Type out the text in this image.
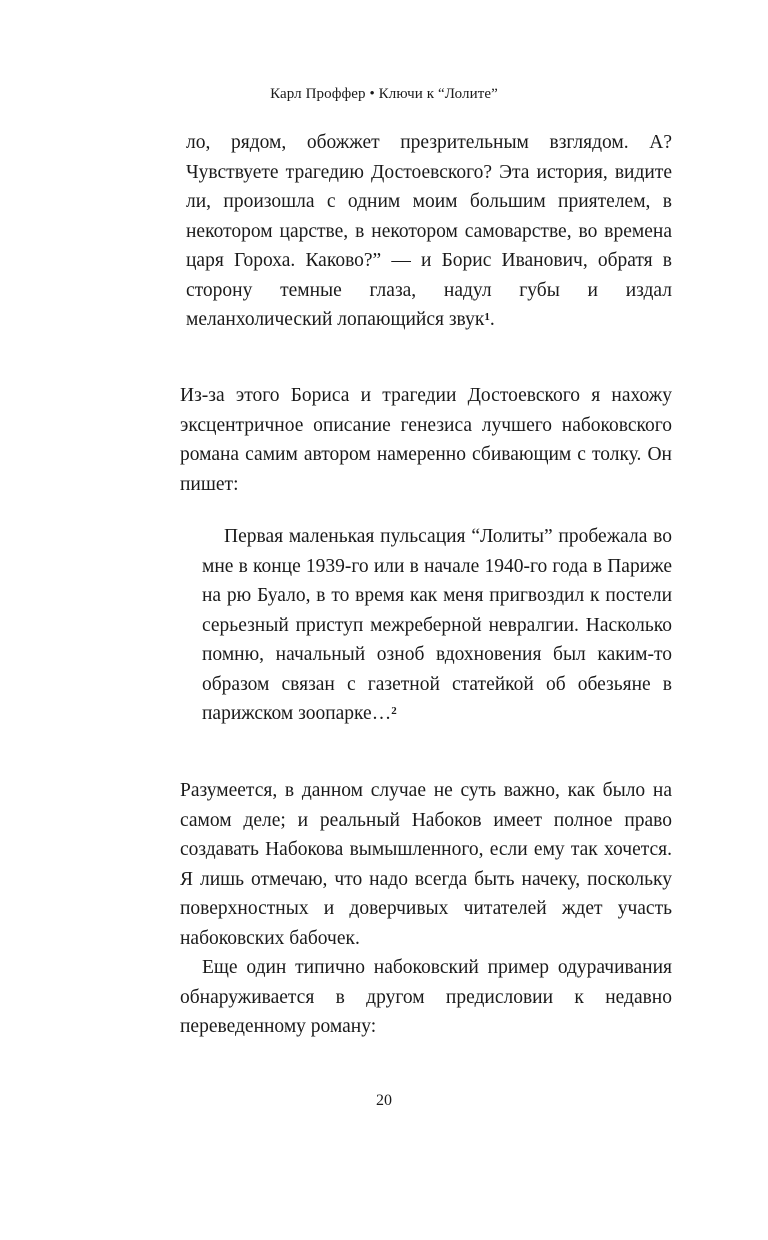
Карл Проффер • Ключи к “Лолите”

ло, рядом, обожжет презрительным взглядом. А? Чувствуете трагедию Достоевского? Эта история, видите ли, произошла с одним моим большим приятелем, в некотором царстве, в некотором самоварстве, во времена царя Гороха. Каково?” — и Борис Иванович, обратя в сторону темные глаза, надул губы и издал меланхолический лопающийся звук$^1$.

Из-за этого Бориса и трагедии Достоевского я нахожу эксцентричное описание генезиса лучшего набоковского романа самим автором намеренно сбивающим с толку. Он пишет:

Первая маленькая пульсация “Лолиты” пробежала во мне в конце 1939-го или в начале 1940-го года в Париже на рю Буало, в то время как меня пригвоздил к постели серьезный приступ межреберной невралгии. Насколько помню, начальный озноб вдохновения был каким-то образом связан с газетной статейкой об обезьяне в парижском зоопарке…$^2$

Разумеется, в данном случае не суть важно, как было на самом деле; и реальный Набоков имеет полное право создавать Набокова вымышленного, если ему так хочется. Я лишь отмечаю, что надо всегда быть начеку, поскольку поверхностных и доверчивых читателей ждет участь набоковских бабочек.

Еще один типично набоковский пример одурачивания обнаруживается в другом предисловии к недавно переведенному роману:

20
